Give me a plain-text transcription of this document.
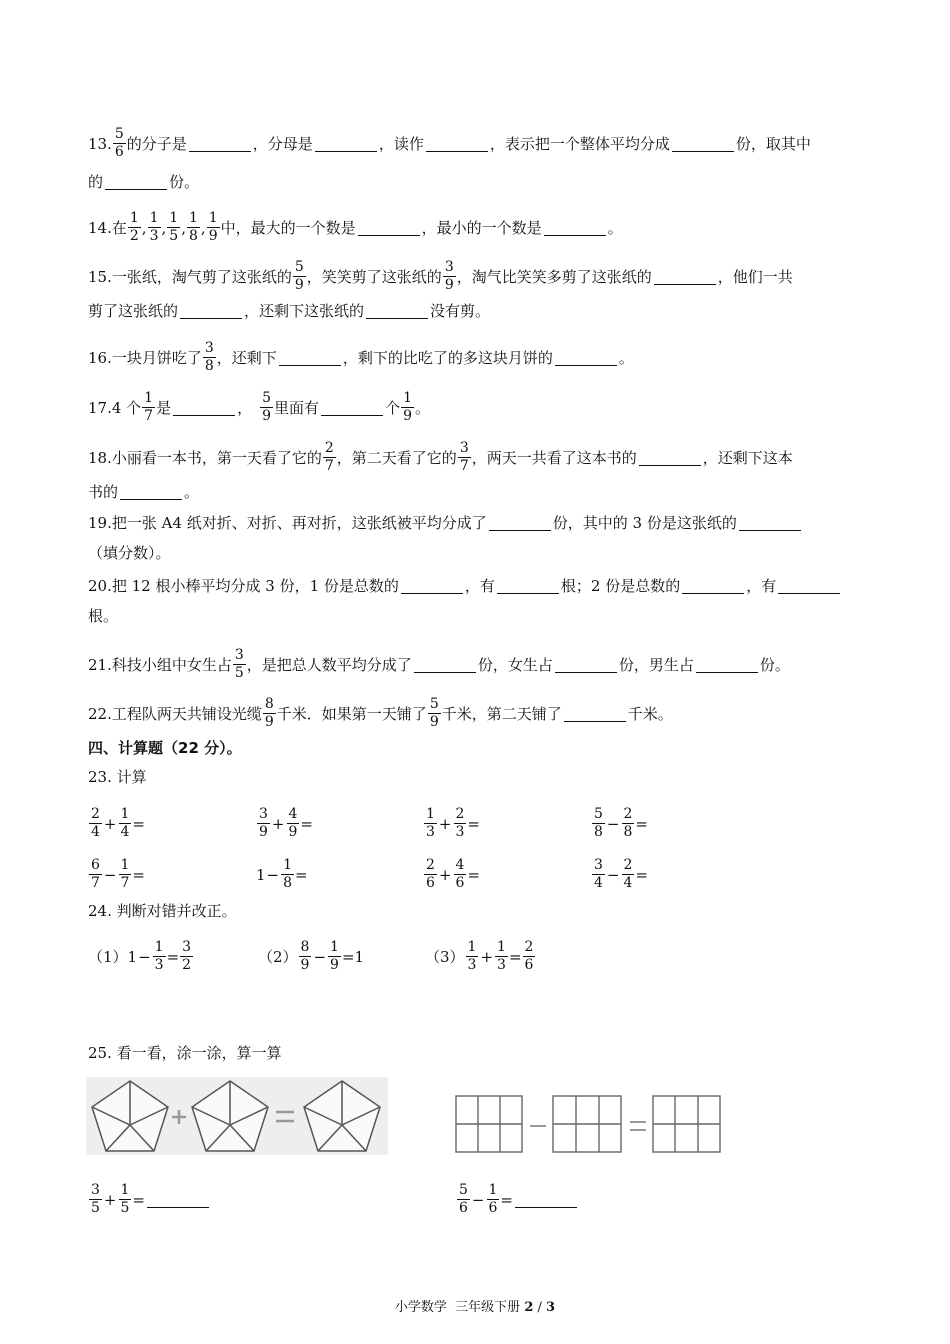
13. $\frac{5}{6}$ 的分子是	，分母是	，读作	，表示把一个整体平均分成	份，取其中
的	份。
14. 在 $\frac{1}{2}$ , $\frac{1}{3}$ , $\frac{1}{5}$ , $\frac{1}{8}$ , $\frac{1}{9}$ 中，最大的一个数是	，最小的一个数是	。
15. 一张纸，淘气剪了这张纸的 $\frac{5}{9}$ ，笑笑剪了这张纸的 $\frac{3}{9}$ ，淘气比笑笑多剪了这张纸的	，他们一共
剪了这张纸的	，还剩下这张纸的	没有剪。
16. 一块月饼吃了 $\frac{3}{8}$ ，还剩下	，剩下的比吃了的多这块月饼的	。
17. 4 个 $\frac{1}{7}$ 是	， $\frac{5}{9}$ 里面有	个 $\frac{1}{9}$ 。
18. 小丽看一本书，第一天看了它的 $\frac{2}{7}$ ，第二天看了它的 $\frac{3}{7}$ ，两天一共看了这本书的	，还剩下这本
书的	。
19. 把一张 A4 纸对折、对折、再对折，这张纸被平均分成了	份，其中的 3 份是这张纸的
（填分数）。
20. 把 12 根小棒平均分成 3 份，1 份是总数的	，有	根；2 份是总数的	，有
根。
21. 科技小组中女生占 $\frac{3}{5}$ ，是把总人数平均分成了	份，女生占	份，男生占	份。
22. 工程队两天共铺设光缆 $\frac{8}{9}$ 千米．如果第一天铺了 $\frac{5}{9}$ 千米，第二天铺了	千米。
四、计算题（22 分）。
23. 计算
$\frac{2}{4} + \frac{1}{4}$ =	$\frac{3}{9} + \frac{4}{9}$ =	$\frac{1}{3} + \frac{2}{3}$ =	$\frac{5}{8} - \frac{2}{8}$ =
$\frac{6}{7} - \frac{1}{7}$ =	$1 - \frac{1}{8}$ =	$\frac{2}{6} + \frac{4}{6}$ =	$\frac{3}{4} - \frac{2}{4}$ =
24. 判断对错并改正。
（1） $1 - \frac{1}{3} = \frac{3}{2}$	$(2) \frac{8}{9} - \frac{1}{9} = 1$	$(3) \frac{1}{3} + \frac{1}{3} = \frac{2}{6}$
25. 看一看，涂一涂，算一算
$\frac{3}{5} + \frac{1}{5}$ =	$\frac{5}{6} - \frac{1}{6}$ =
小学数学  三年级下册 2 / 3
